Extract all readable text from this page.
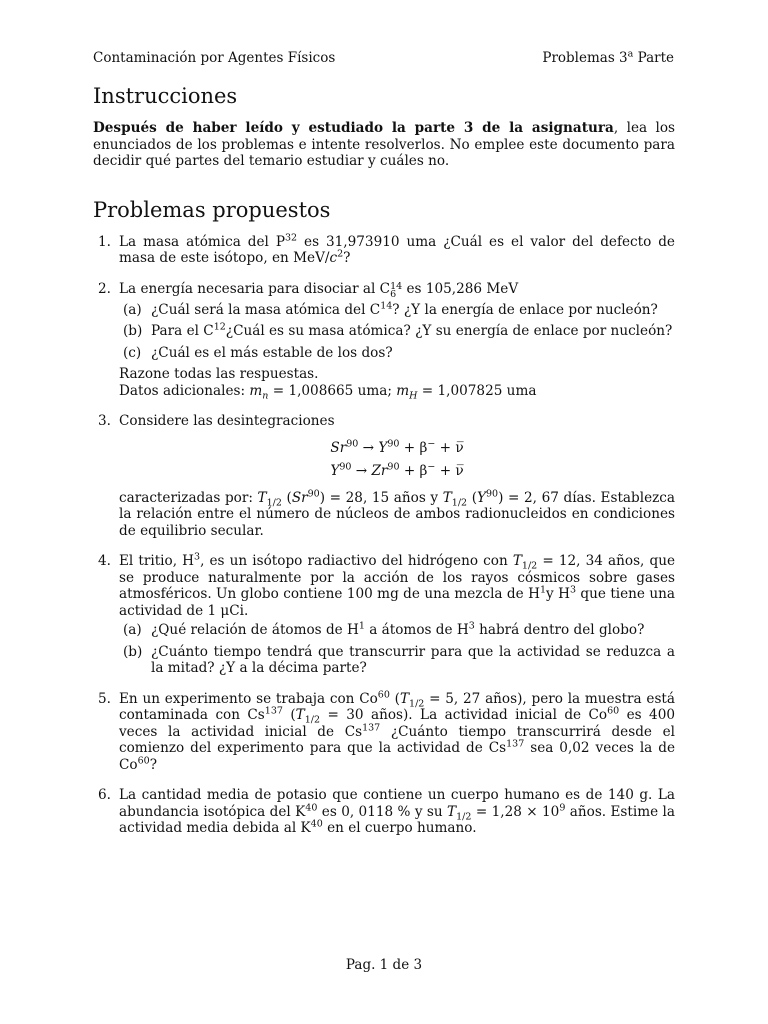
Contaminación por Agentes Físicos	Problemas 3$^a$ Parte
Instrucciones

Después de haber leído y estudiado la parte 3 de la asignatura, lea los enunciados de los problemas e intente resolverlos. No emplee este documento para decidir qué partes del temario estudiar y cuáles no.

Problemas propuestos
1. La masa atómica del $P^{32}$ es 31,973910 uma ¿Cuál es el valor del defecto de masa de este isótopo, en MeV/$c^2$?
2. La energía necesaria para disociar al C 14
6 es 105,286 MeV
(a) ¿Cuál será la masa atómica del $C^{14}$? ¿Y la energía de enlace por nucleón?
(b) Para el $C^{12}¿Cuál$ es su masa atómica? ¿Y su energía de enlace por nucleón?
(c) ¿Cuál es el más estable de los dos?
Razone todas las respuestas.
Datos adicionales: $m_n = 1,008665$ uma; $m_H = 1,007825$ uma
3. Considere las desintegraciones
$Sr^{90} \to Y^{90} + \beta^-$ + ν̅
$Y^{90} \to Zr^{90} + \beta^-$ + ν̅
caracterizadas por: $T_{1/2}$ $(Sr^{90}) = 28$, 15 años y $T_{1/2}$ $(Y^{90}) = 2$, 67 días. Establezca la relación entre el número de núcleos de ambos radionucleidos en condiciones de equilibrio secular.
4. El tritio, $H^3$, es un isótopo radiactivo del hidrógeno con $T_{1/2} = 12$, 34 años, que se produce naturalmente por la acción de los rayos cósmicos sobre gases atmosféricos. Un globo contiene 100 mg de una mezcla de $H^1y$ $H^3$ que tiene una actividad de 1 μCi.
(a) ¿Qué relación de átomos de $H^1$ a átomos de $H^3$ habrá dentro del globo?
(b) ¿Cuánto tiempo tendrá que transcurrir para que la actividad se reduzca a la mitad? ¿Y a la décima parte?
5. En un experimento se trabaja con Co$^{60}$ ($T_{1/2} = 5$, 27 años), pero la muestra está contaminada con Cs$^{137}$ ($T_{1/2} = 30$ años). La actividad inicial de Co$^{60}$ es 400 veces la actividad inicial de Cs$^{137}$ ¿Cuánto tiempo transcurrirá desde el comienzo del experimento para que la actividad de Cs$^{137}$ sea 0,02 veces la de Co$^{60}$?
6. La cantidad media de potasio que contiene un cuerpo humano es de 140 g. La abundancia isotópica del $K^{40}$ es 0, 0118 % y su $T_{1/2} = 1,28 \times 10^9$ años. Estime la actividad media debida al $K^{40}$ en el cuerpo humano.
Pag. 1 de 3
